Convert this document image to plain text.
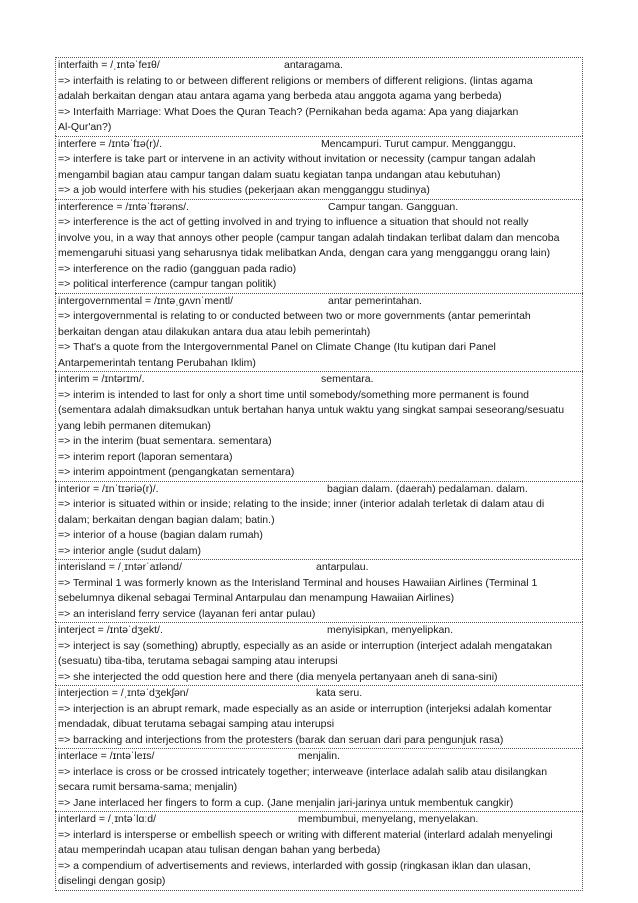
interfaith = /ˌɪntəˈfeɪθ/	antaragama.
=> interfaith is relating to or between different religions or members of different religions. (lintas agama
adalah berkaitan dengan atau antara agama yang berbeda atau anggota agama yang berbeda)
=> Interfaith Marriage: What Does the Quran Teach? (Pernikahan beda agama: Apa yang diajarkan
Al-Qur'an?)
interfere = /ɪntəˈfɪə(r)/.	Mencampuri. Turut campur. Mengganggu.
=> interfere is take part or intervene in an activity without invitation or necessity (campur tangan adalah
mengambil bagian atau campur tangan dalam suatu kegiatan tanpa undangan atau kebutuhan)
=> a job would interfere with his studies (pekerjaan akan mengganggu studinya)
interference = /ɪntəˈfɪərəns/.	Campur tangan. Gangguan.
=> interference is the act of getting involved in and trying to influence a situation that should not really
involve you, in a way that annoys other people (campur tangan adalah tindakan terlibat dalam dan mencoba
memengaruhi situasi yang seharusnya tidak melibatkan Anda, dengan cara yang mengganggu orang lain)
=> interference on the radio (gangguan pada radio)
=> political interference (campur tangan politik)
intergovernmental = /ɪntəˌɡʌvnˈmentl/	antar pemerintahan.
=> intergovernmental is relating to or conducted between two or more governments (antar pemerintah
berkaitan dengan atau dilakukan antara dua atau lebih pemerintah)
=> That's a quote from the Intergovernmental Panel on Climate Change (Itu kutipan dari Panel
Antarpemerintah tentang Perubahan Iklim)
interim = /ɪntərɪm/.	sementara.
=> interim is intended to last for only a short time until somebody/something more permanent is found
(sementara adalah dimaksudkan untuk bertahan hanya untuk waktu yang singkat sampai seseorang/sesuatu
yang lebih permanen ditemukan)
=> in the interim (buat sementara. sementara)
=> interim report (laporan sementara)
=> interim appointment (pengangkatan sementara)
interior = /ɪnˈtɪəriə(r)/.	bagian dalam. (daerah) pedalaman. dalam.
=> interior is situated within or inside; relating to the inside; inner (interior adalah terletak di dalam atau di
dalam; berkaitan dengan bagian dalam; batin.)
=> interior of a house (bagian dalam rumah)
=> interior angle (sudut dalam)
interisland = /ˌɪntərˈaɪlənd/	antarpulau.
=> Terminal 1 was formerly known as the Interisland Terminal and houses Hawaiian Airlines (Terminal 1
sebelumnya dikenal sebagai Terminal Antarpulau dan menampung Hawaiian Airlines)
=> an interisland ferry service (layanan feri antar pulau)
interject = /ɪntəˈdʒekt/.	menyisipkan, menyelipkan.
=> interject is say (something) abruptly, especially as an aside or interruption (interject adalah mengatakan
(sesuatu) tiba-tiba, terutama sebagai samping atau interupsi
=> she interjected the odd question here and there (dia menyela pertanyaan aneh di sana-sini)
interjection = /ˌɪntəˈdʒekʃən/	kata seru.
=> interjection is an abrupt remark, made especially as an aside or interruption (interjeksi adalah komentar
mendadak, dibuat terutama sebagai samping atau interupsi
=> barracking and interjections from the protesters (barak dan seruan dari para pengunjuk rasa)
interlace = /ɪntəˈleɪs/	menjalin.
=> interlace is cross or be crossed intricately together; interweave (interlace adalah salib atau disilangkan
secara rumit bersama-sama; menjalin)
=> Jane interlaced her fingers to form a cup. (Jane menjalin jari-jarinya untuk membentuk cangkir)
interlard = /ˌɪntəˈlɑːd/	membumbui, menyelang, menyelakan.
=> interlard is intersperse or embellish speech or writing with different material (interlard adalah menyelingi
atau memperindah ucapan atau tulisan dengan bahan yang berbeda)
=> a compendium of advertisements and reviews, interlarded with gossip (ringkasan iklan dan ulasan,
diselingi dengan gosip)
